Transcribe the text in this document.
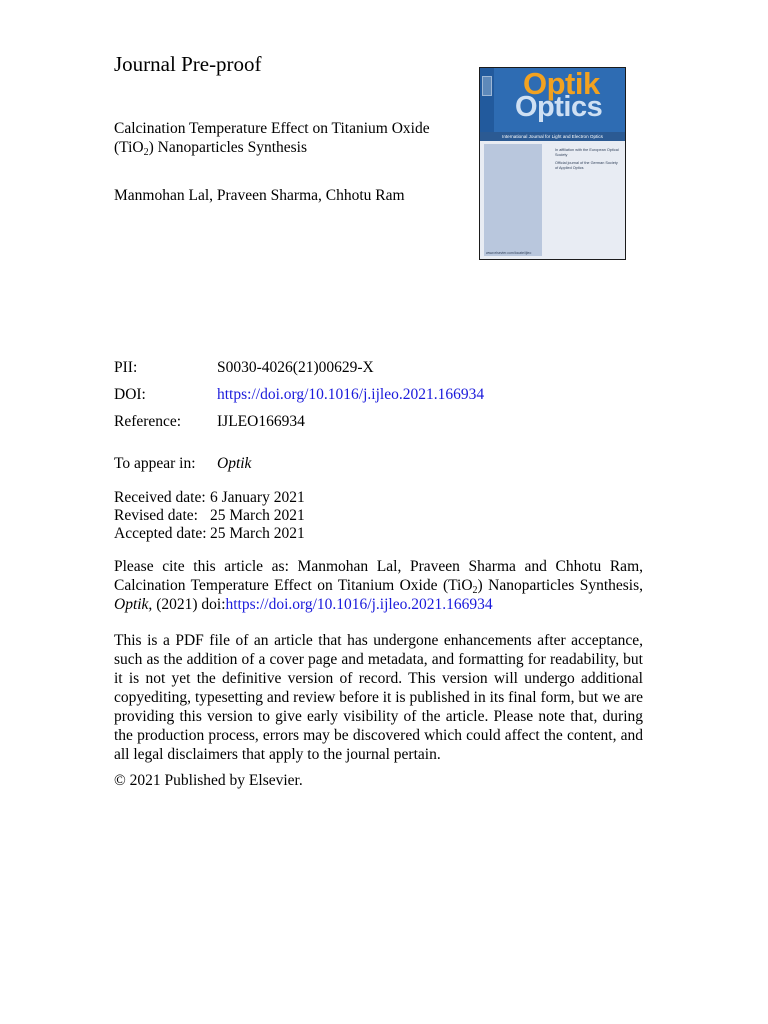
Journal Pre-proof
Calcination Temperature Effect on Titanium Oxide (TiO$_2$) Nanoparticles Synthesis
Manmohan Lal, Praveen Sharma, Chhotu Ram
Optik
Optics
International Journal for Light and Electron Optics
In affiliation with the European Optical Society
Official journal of the German Society of Applied Optics
www.elsevier.com/locate/ijleo
PII:	S0030-4026(21)00629-X
DOI:	https://doi.org/10.1016/j.ijleo.2021.166934
Reference: IJLEO166934
To appear in: Optik
Received date: 6 January 2021
Revised date: 25 March 2021
Accepted date: 25 March 2021
Please cite this article as: Manmohan Lal, Praveen Sharma and Chhotu Ram, Calcination Temperature Effect on Titanium Oxide (TiO$_2$) Nanoparticles Synthesis, Optik, (2021) doi:https://doi.org/10.1016/j.ijleo.2021.166934
This is a PDF file of an article that has undergone enhancements after acceptance, such as the addition of a cover page and metadata, and formatting for readability, but it is not yet the definitive version of record. This version will undergo additional copyediting, typesetting and review before it is published in its final form, but we are providing this version to give early visibility of the article. Please note that, during the production process, errors may be discovered which could affect the content, and all legal disclaimers that apply to the journal pertain.
© 2021 Published by Elsevier.
